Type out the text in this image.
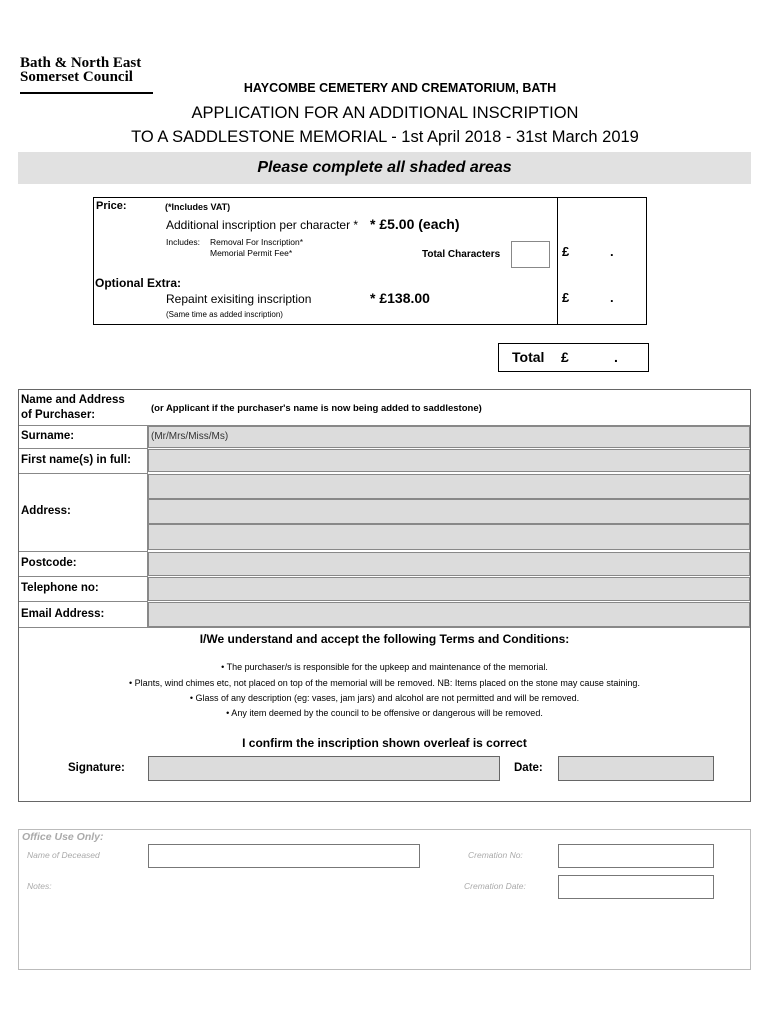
Bath & North East
Somerset Council
HAYCOMBE CEMETERY AND CREMATORIUM, BATH
APPLICATION FOR AN ADDITIONAL INSCRIPTION
TO A SADDLESTONE MEMORIAL - 1st April 2018 - 31st March 2019
Please complete all shaded areas
Price:	(*Includes VAT)
Additional inscription per character * * £5.00 (each)
Includes: Removal For Inscription*
Memorial Permit Fee*	Total Characters	£	.
Optional Extra:
Repaint exisiting inscription	* £138.00
(Same time as added inscription)
£	.
Total £	.
Name and Address
of Purchaser:
(or Applicant if the purchaser's name is now being added to saddlestone)
Surname:	(Mr/Mrs/Miss/Ms)
First name(s) in full:
Address:
Postcode:
Telephone no:
Email Address:
I/We understand and accept the following Terms and Conditions:
• The purchaser/s is responsible for the upkeep and maintenance of the memorial.
• Plants, wind chimes etc, not placed on top of the memorial will be removed. NB: Items placed on the stone may cause staining.
• Glass of any description (eg: vases, jam jars) and alcohol are not permitted and will be removed.
• Any item deemed by the council to be offensive or dangerous will be removed.
I confirm the inscription shown overleaf is correct
Signature:	Date:
Office Use Only:
Name of Deceased	Cremation No:
Notes:	Cremation Date:
